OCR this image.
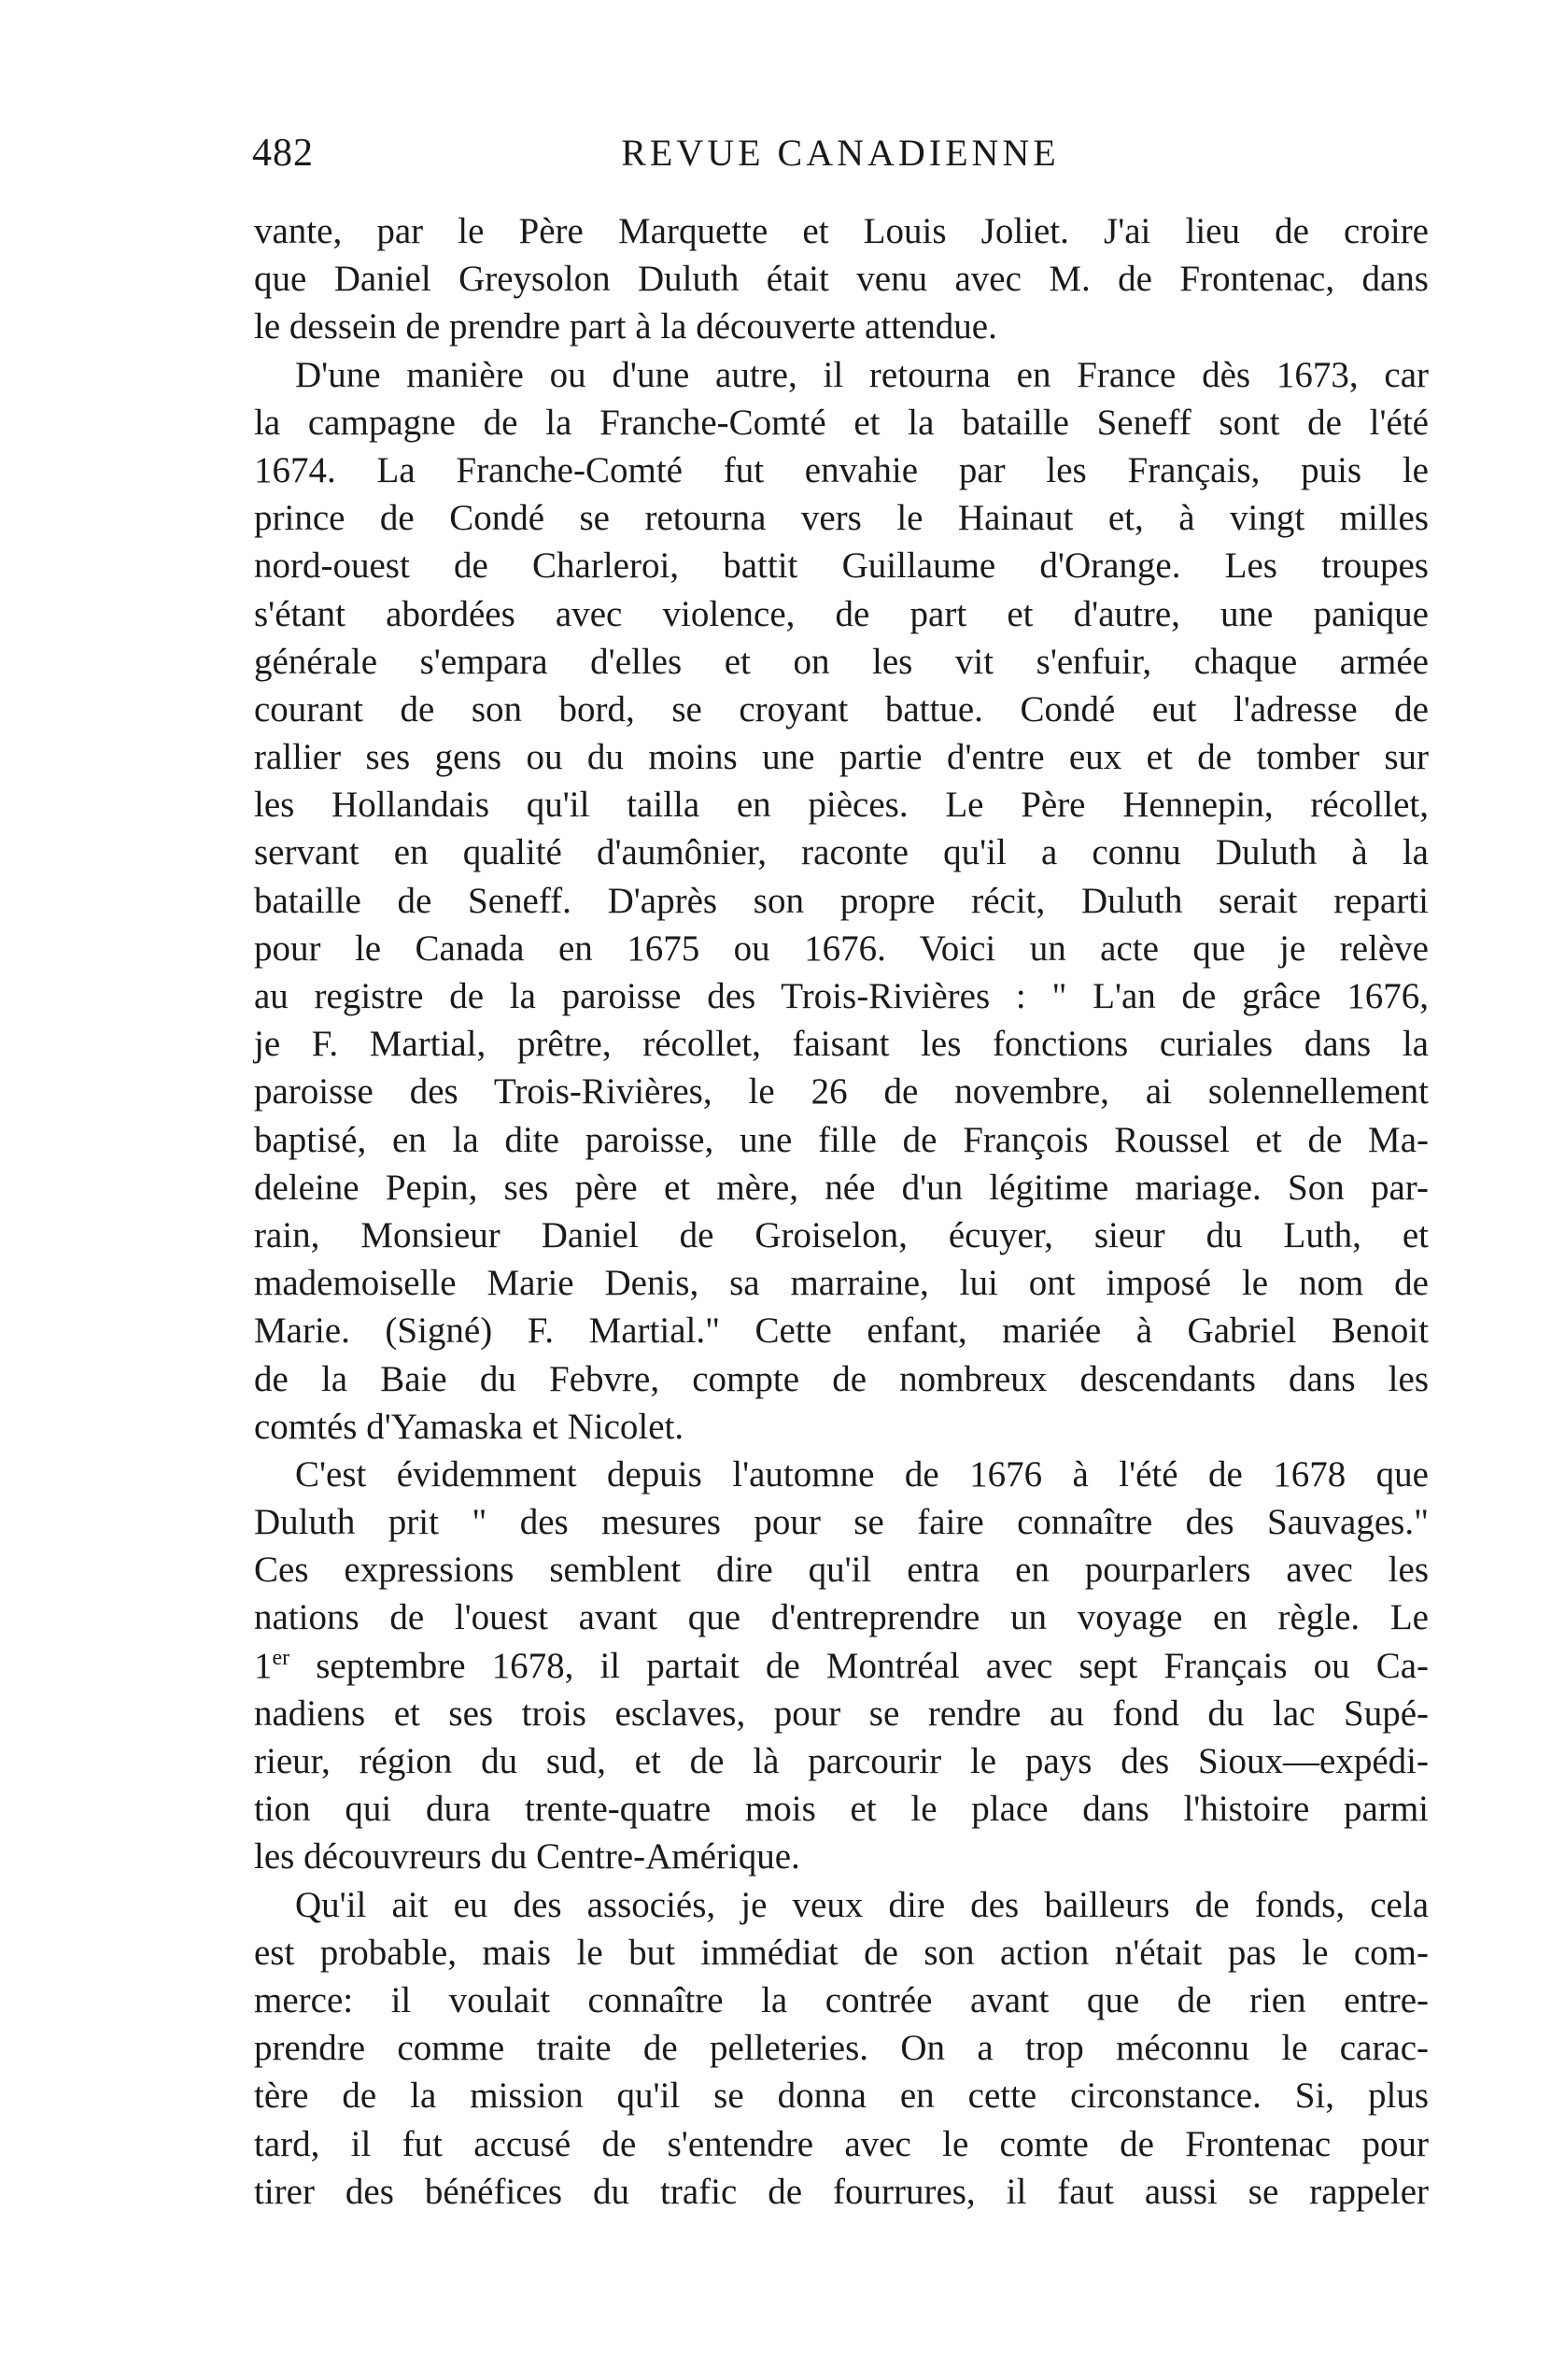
482	REVUE CANADIENNE
vante, par le Père Marquette et Louis Joliet. J'ai lieu de croire
que Daniel Greysolon Duluth était venu avec M. de Frontenac, dans
le dessein de prendre part à la découverte attendue.
D'une manière ou d'une autre, il retourna en France dès 1673, car
la campagne de la Franche-Comté et la bataille Seneff sont de l'été
1674. La Franche-Comté fut envahie par les Français, puis le
prince de Condé se retourna vers le Hainaut et, à vingt milles
nord-ouest de Charleroi, battit Guillaume d'Orange. Les troupes
s'étant abordées avec violence, de part et d'autre, une panique
générale s'empara d'elles et on les vit s'enfuir, chaque armée
courant de son bord, se croyant battue. Condé eut l'adresse de
rallier ses gens ou du moins une partie d'entre eux et de tomber sur
les Hollandais qu'il tailla en pièces. Le Père Hennepin, récollet,
servant en qualité d'aumônier, raconte qu'il a connu Duluth à la
bataille de Seneff. D'après son propre récit, Duluth serait reparti
pour le Canada en 1675 ou 1676. Voici un acte que je relève
au registre de la paroisse des Trois-Rivières : " L'an de grâce 1676,
je F. Martial, prêtre, récollet, faisant les fonctions curiales dans la
paroisse des Trois-Rivières, le 26 de novembre, ai solennellement
baptisé, en la dite paroisse, une fille de François Roussel et de Ma-
deleine Pepin, ses père et mère, née d'un légitime mariage. Son par-
rain, Monsieur Daniel de Groiselon, écuyer, sieur du Luth, et
mademoiselle Marie Denis, sa marraine, lui ont imposé le nom de
Marie. (Signé) F. Martial." Cette enfant, mariée à Gabriel Benoit
de la Baie du Febvre, compte de nombreux descendants dans les
comtés d'Yamaska et Nicolet.
C'est évidemment depuis l'automne de 1676 à l'été de 1678 que
Duluth prit " des mesures pour se faire connaître des Sauvages."
Ces expressions semblent dire qu'il entra en pourparlers avec les
nations de l'ouest avant que d'entreprendre un voyage en règle. Le
1er septembre 1678, il partait de Montréal avec sept Français ou Ca-
nadiens et ses trois esclaves, pour se rendre au fond du lac Supé-
rieur, région du sud, et de là parcourir le pays des Sioux—expédi-
tion qui dura trente-quatre mois et le place dans l'histoire parmi
les découvreurs du Centre-Amérique.
Qu'il ait eu des associés, je veux dire des bailleurs de fonds, cela
est probable, mais le but immédiat de son action n'était pas le com-
merce: il voulait connaître la contrée avant que de rien entre-
prendre comme traite de pelleteries. On a trop méconnu le carac-
tère de la mission qu'il se donna en cette circonstance. Si, plus
tard, il fut accusé de s'entendre avec le comte de Frontenac pour
tirer des bénéfices du trafic de fourrures, il faut aussi se rappeler
